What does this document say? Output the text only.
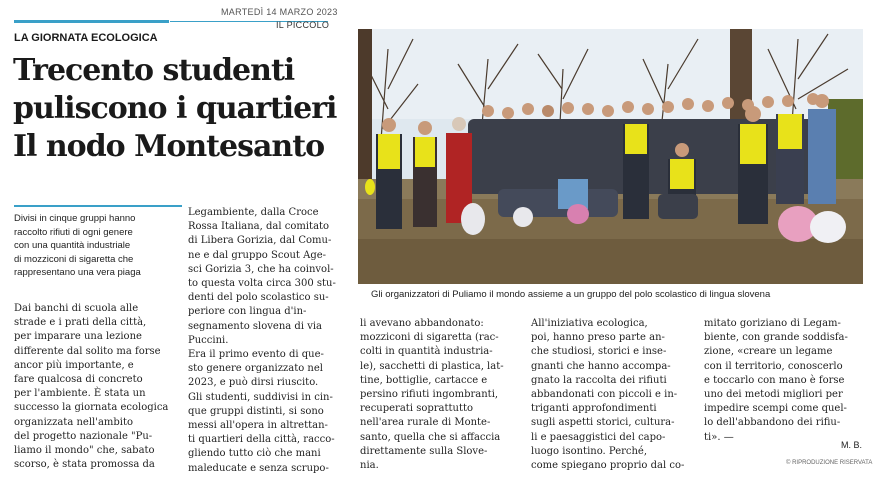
MARTEDÌ 14 MARZO 2023
IL PICCOLO
LA GIORNATA ECOLOGICA
Trecento studenti
puliscono i quartieri
Il nodo Montesanto
Divisi in cinque gruppi hanno
raccolto rifiuti di ogni genere
con una quantità industriale
di mozziconi di sigaretta che
rappresentano una vera piaga
Gli organizzatori di Puliamo il mondo assieme a un gruppo del polo scolastico di lingua slovena
Dai banchi di scuola alle
strade e i prati della città,
per imparare una lezione
differente dal solito ma forse
ancor più importante, e
fare qualcosa di concreto
per l'ambiente. È stata un
successo la giornata ecologica
organizzata nell'ambito
del progetto nazionale "Pu-
liamo il mondo" che, sabato
scorso, è stata promossa da
Legambiente, dalla Croce
Rossa Italiana, dal comitato
di Libera Gorizia, dal Comu-
ne e dal gruppo Scout Age-
sci Gorizia 3, che ha coinvol-
to questa volta circa 300 stu-
denti del polo scolastico su-
periore con lingua d'in-
segnamento slovena di via
Puccini.
Era il primo evento di que-
sto genere organizzato nel
2023, e può dirsi riuscito.
Gli studenti, suddivisi in cin-
que gruppi distinti, si sono
messi all'opera in altrettan-
ti quartieri della città, racco-
gliendo tutto ciò che mani
maleducate e senza scrupo-
li avevano abbandonato:
mozziconi di sigaretta (rac-
colti in quantità industria-
le), sacchetti di plastica, lat-
tine, bottiglie, cartacce e
persino rifiuti ingombranti,
recuperati soprattutto
nell'area rurale di Monte-
santo, quella che si affaccia
direttamente sulla Slove-
nia.
All'iniziativa ecologica,
poi, hanno preso parte an-
che studiosi, storici e inse-
gnanti che hanno accompa-
gnato la raccolta dei rifiuti
abbandonati con piccoli e in-
triganti approfondimenti
sugli aspetti storici, cultura-
li e paesaggistici del capo-
luogo isontino. Perché,
come spiegano proprio dal co-
mitato goriziano di Legam-
biente, con grande soddisfa-
zione, «creare un legame
con il territorio, conoscerlo
e toccarlo con mano è forse
uno dei metodi migliori per
impedire scempi come quel-
lo dell'abbandono dei rifiu-
ti». —
M. B.
© RIPRODUZIONE RISERVATA
